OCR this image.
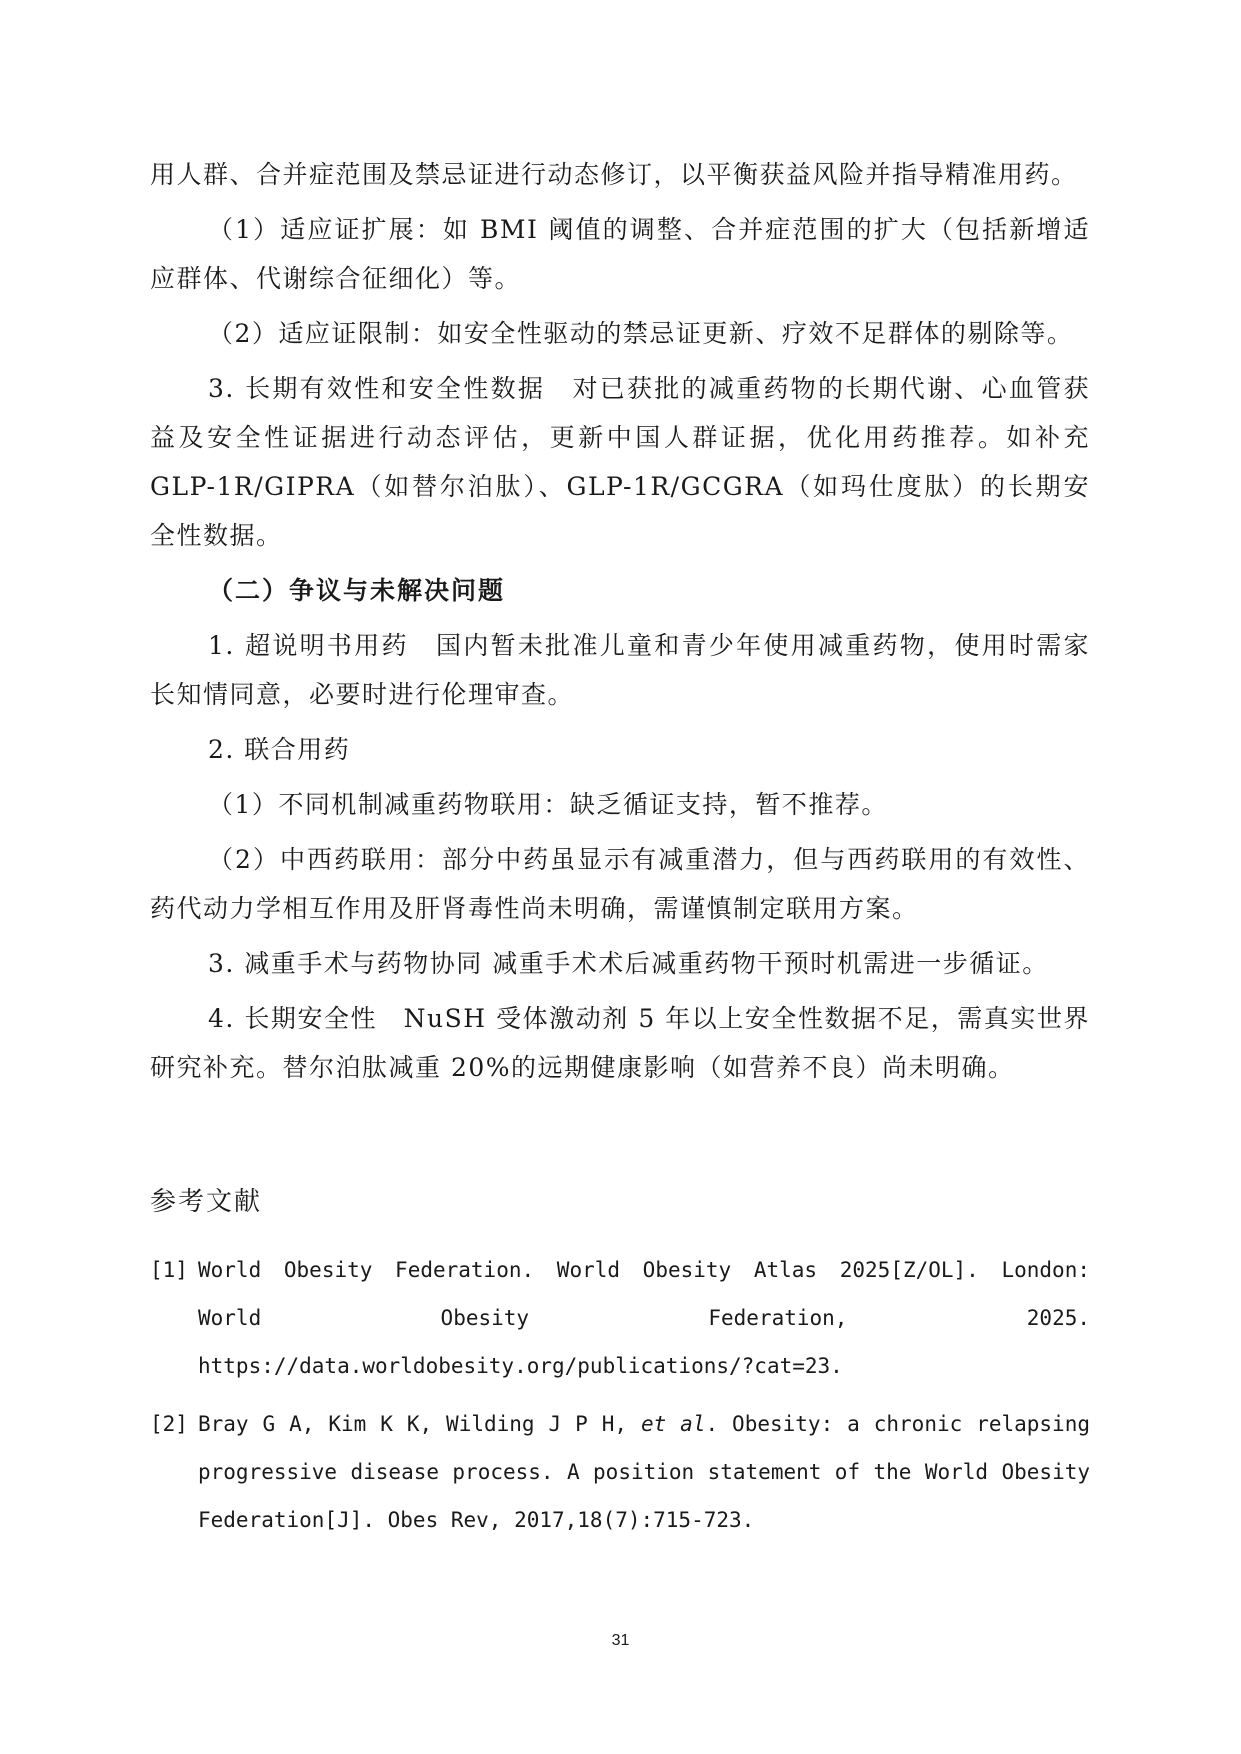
用人群、合并症范围及禁忌证进行动态修订，以平衡获益风险并指导精准用药。

（1）适应证扩展：如 BMI 阈值的调整、合并症范围的扩大（包括新增适应群体、代谢综合征细化）等。

（2）适应证限制：如安全性驱动的禁忌证更新、疗效不足群体的剔除等。

3. 长期有效性和安全性数据　对已获批的减重药物的长期代谢、心血管获益及安全性证据进行动态评估，更新中国人群证据，优化用药推荐。如补充 GLP-1R/GIPRA（如替尔泊肽）、GLP-1R/GCGRA（如玛仕度肽）的长期安全性数据。

（二）争议与未解决问题

1. 超说明书用药　国内暂未批准儿童和青少年使用减重药物，使用时需家长知情同意，必要时进行伦理审查。

2. 联合用药

（1）不同机制减重药物联用：缺乏循证支持，暂不推荐。

（2）中西药联用：部分中药虽显示有减重潜力，但与西药联用的有效性、药代动力学相互作用及肝肾毒性尚未明确，需谨慎制定联用方案。

3. 减重手术与药物协同 减重手术术后减重药物干预时机需进一步循证。

4. 长期安全性　NuSH 受体激动剂 5 年以上安全性数据不足，需真实世界研究补充。替尔泊肽减重 20%的远期健康影响（如营养不良）尚未明确。

参考文献
[1] World Obesity Federation. World Obesity Atlas 2025[Z/OL]. London: World Obesity Federation, 2025. https://data.worldobesity.org/publications/?cat=23.
[2] Bray G A, Kim K K, Wilding J P H, et al. Obesity: a chronic relapsing progressive disease process. A position statement of the World Obesity Federation[J]. Obes Rev, 2017,18(7):715-723.
31
